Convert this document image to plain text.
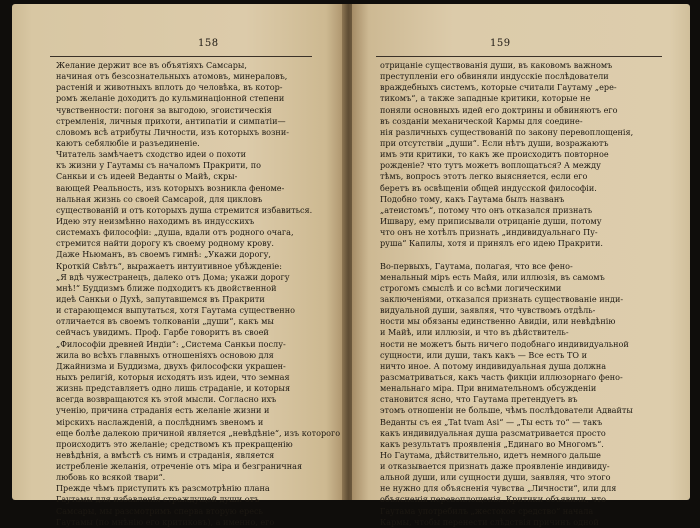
158
Желание держит все въ объятіяхъ Самсары,
начиная отъ безсознательныхъ атомовъ, минераловъ,
растеній и животныхъ вплоть до человѣка, въ котор-
ромъ желаніе доходитъ до кульминаціонной степени
чувственности: погоня за выгодою, эгоистическія
стремленія, личныя прихоти, антипатіи и симпатіи—
словомъ всѣ атрибуты Личности, изъ которыхъ возни-
каютъ себялюбіе и разъединеніе.
Читатель замѣчаетъ сходство идеи о похоти
къ жизни у Гаутамы съ началомъ Пракрити, по
Санкьи и съ идеей Веданты о Майѣ, скры-
вающей Реальность, изъ которыхъ возникла феноме-
нальная жизнь со своей Самсарой, для цикловъ
существованій и отъ которыхъ душа стремится избавиться.
Идею эту неизмѣнно находимъ въ индусскихъ
системахъ философіи: „душа, вдали отъ родного очага,
стремится найти дорогу къ своему родному крову.
Даже Ньюманъ, въ своемъ гимнѣ: „Укажи дорогу,
Кроткій Свѣтъ“, выражаетъ интуитивное убѣжденіе:
„Я вдѣ чужестранецъ, далеко отъ Дома; укажи дорогу
мнѣ!“ Буддизмъ ближе подходитъ къ двойственной
идеѣ Санкьи о Духѣ, запутавшемся въ Пракрити
и старающемся выпутаться, хотя Гаутама существенно
отличается въ своемъ толкованіи „души“, какъ мы
сейчасъ увидимъ. Проф. Гарбе говоритъ въ своей
„Философіи древней Индіи“: „Система Санкьи послу-
жила во всѣхъ главныхъ отношеніяхъ основою для
Джайнизма и Буддизма, двухъ философски украшен-
ныхъ религій, которыя исходятъ изъ идеи, что земная
жизнь представляетъ одно лишь страданіе, и которыя
всегда возвращаются къ этой мысли. Согласно ихъ
ученію, причина страданія есть желаніе жизни и
мірскихъ наслажденій, а послѣднимъ звеномъ и
еще болѣе далекою причиной является „невѣдѣніе“, изъ которого
происходитъ это желаніе; средствомъ къ прекращенію
невѣдѣнія, а вмѣстѣ съ нимъ и страданія, является
истребленіе желанія, отреченіе отъ міра и безграничная
любовь ко всякой твари“.
Прежде чѣмъ приступить къ разсмотрѣнію плана
Гаутамы для избавленія страждущей души отъ
Самсары, мы разсмотримъ сперва вторую ересь
Гаутамы (по мнѣнію его критиковъ), а именно, его
159
отрицаніе существованія души, въ каковомъ важномъ
преступленіи его обвиняли индусскіе послѣдователи
враждебныхъ системъ, которые считали Гаутаму „ере-
тикомъ“, а также западные критики, которые не
поняли основныхъ идей его доктрины и обвиняютъ его
въ созданіи механической Кармы для соедине-
нія различныхъ существованій по закону перевоплощенія,
при отсутствіи „души“. Если нѣтъ души, возражаютъ
имъ эти критики, то какъ же происходитъ повторное
рожденіе? что тутъ можетъ воплощаться? А между
тѣмъ, вопросъ этотъ легко выясняется, если его
беретъ въ освѣщеніи общей индусской философіи.
Подобно тому, какъ Гаутама былъ названъ
„атеистомъ“, потому что онъ отказался признать
Ишвару, ему приписывали отрицаніе души, потому
что онъ не хотѣлъ признать „индивидуальнаго Пу-
руша“ Капилы, хотя и принялъ его идею Пракрити.
Во-первыхъ, Гаутама, полагая, что все фено-
менальный міръ есть Майя, или иллюзія, въ самомъ
строгомъ смыслѣ и со всѣми логическими
заключеніями, отказался признать существованіе инди-
видуальной души, заявляя, что чувствомъ отдѣль-
ности мы обязаны единственно Авидіи, или невѣдѣнію
и Майѣ, или иллюзіи, и что въ дѣйствитель-
ности не можетъ быть ничего подобнаго индивидуальной
сущности, или души, такъ какъ — Все есть ТО и
ничто иное. А потому индивидуальная душа должна
разсматриваться, какъ часть фикціи иллюзорнаго фено-
менальнаго міра. При внимательномъ обсужденіи
становится ясно, что Гаутама претендуетъ въ
этомъ отношеніи не больше, чѣмъ послѣдователи Адвайты
Веданты съ ея „Tat tvam Asi“ — „Ты есть то“ — такъ
какъ индивидуальная душа разсматривается просто
какъ результатъ проявленія „Единаго во Многомъ“.
Но Гаутама, дѣйствительно, идетъ немного дальше
и отказывается признать даже проявленіе индивиду-
альной души, или сущности души, заявляя, что этого
не нужно для объясненія чувства „Личности“, или для
объясненія перевоплощенія. Критики объявили, что
Гаутама употребилъ „жестокое средство“ начала
Кармы, чтобы перенести слѣдствія причинъ одной
